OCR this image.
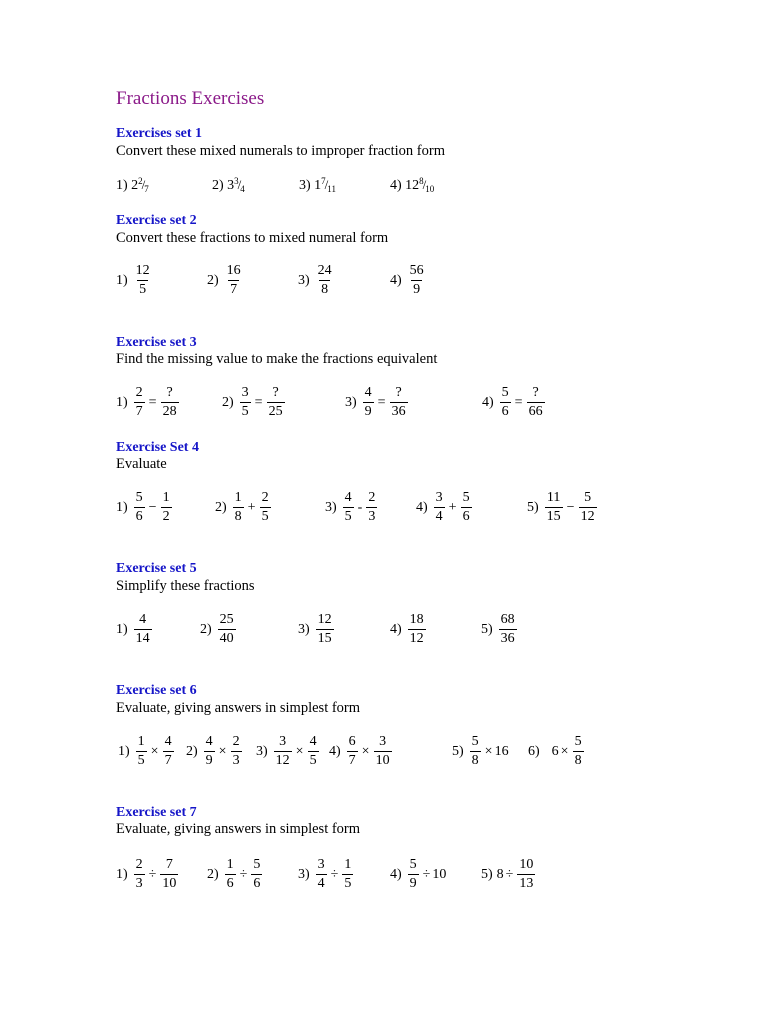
Fractions Exercises
Exercises set 1
Convert these mixed numerals to improper fraction form
1) $2^2/_7$	2) $3^3/_4$	3) $1^7/_{11}$	4) $12^8/_{10}$
Exercise set 2
Convert these fractions to mixed numeral form
$1) \frac{12}{5}$	$2) \frac{16}{7}$	$3) \frac{24}{8}$	$4) \frac{56}{9}$
Exercise set 3
Find the missing value to make the fractions equivalent
$1) \frac{2}{7} = \frac{?}{28}$	$2) \frac{3}{5} = \frac{?}{25}$	$3) \frac{4}{9} = \frac{?}{36}$	$4) \frac{5}{6} = \frac{?}{66}$
Exercise Set 4
Evaluate
$1) \frac{5}{6} - \frac{1}{2}$	$2) \frac{1}{8} + \frac{2}{5}$	$3) \frac{4}{5} - \frac{2}{3}$	$4) \frac{3}{4} + \frac{5}{6}$	$5) \frac{11}{15} - \frac{5}{12}$
Exercise set 5
Simplify these fractions
$1) \frac{4}{14}$	$2) \frac{25}{40}$	$3) \frac{12}{15}$	$4) \frac{18}{12}$	$5) \frac{68}{36}$
Exercise set 6
Evaluate, giving answers in simplest form
$1) \frac{1}{5} \times \frac{4}{7} 2) \frac{4}{9} \times \frac{2}{3} 3) \frac{3}{12} \times \frac{4}{5} 4) \frac{6}{7} \times \frac{3}{10}$	$5) \frac{5}{8} \times 16$ 6) $6 \times \frac{5}{8}$
Exercise set 7
Evaluate, giving answers in simplest form
$1) \frac{2}{3} \div \frac{7}{10} 2) \frac{1}{6} \div \frac{5}{6}$	$3) \frac{3}{4} \div \frac{1}{5}$	$4) \frac{5}{9} \div 10$ 5) $8 \div \frac{10}{13}$
